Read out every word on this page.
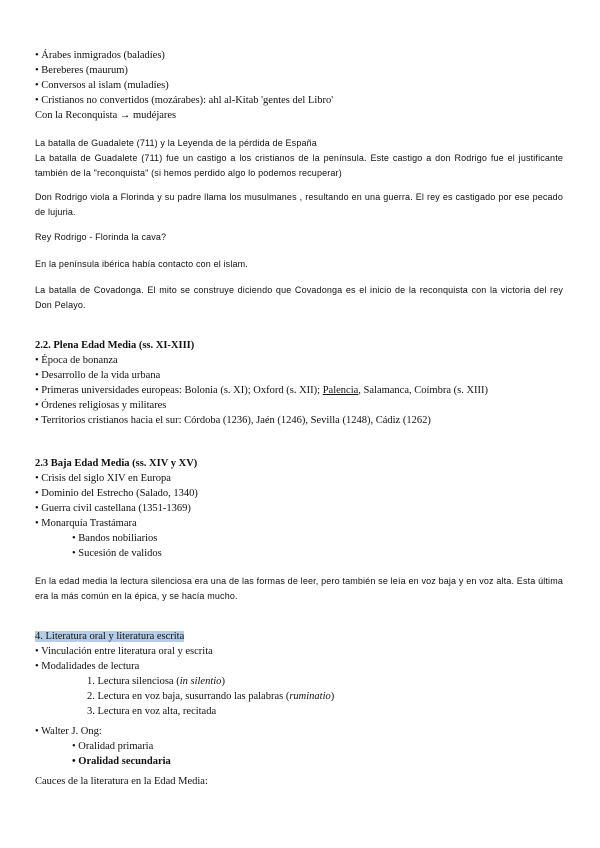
• Árabes inmigrados (baladíes)
• Bereberes (maurum)
• Conversos al islam (muladíes)
• Cristianos no convertidos (mozárabes): ahl al-Kitab 'gentes del Libro'
Con la Reconquista → mudéjares
La batalla de Guadalete (711) y la Leyenda de la pérdida de España
La batalla de Guadalete (711) fue un castigo a los cristianos de la península. Este castigo a don Rodrigo fue el justificante también de la "reconquista" (si hemos perdido algo lo podemos recuperar)
Don Rodrigo viola a Florinda y su padre llama los musulmanes , resultando en una guerra. El rey es castigado por ese pecado de lujuria.
Rey Rodrigo - Florinda la cava?
En la península ibérica había contacto con el islam.
La batalla de Covadonga. El mito se construye diciendo que Covadonga es el inicio de la reconquista con la victoria del rey Don Pelayo.
2.2. Plena Edad Media (ss. XI-XIII)
• Época de bonanza
• Desarrollo de la vida urbana
• Primeras universidades europeas: Bolonia (s. XI); Oxford (s. XII); Palencia, Salamanca, Coímbra (s. XIII)
• Órdenes religiosas y militares
• Territorios cristianos hacia el sur: Córdoba (1236), Jaén (1246), Sevilla (1248), Cádiz (1262)
2.3 Baja Edad Media (ss. XIV y XV)
• Crisis del siglo XIV en Europa
• Dominio del Estrecho (Salado, 1340)
• Guerra civil castellana (1351-1369)
• Monarquía Trastámara
• Bandos nobiliarios
• Sucesión de validos
En la edad media la lectura silenciosa era una de las formas de leer, pero también se leía en voz baja y en voz alta. Esta última era la más común en la épica, y se hacía mucho.
4. Literatura oral y literatura escrita
• Vinculación entre literatura oral y escrita
• Modalidades de lectura
1. Lectura silenciosa (in silentio)
2. Lectura en voz baja, susurrando las palabras (ruminatio)
3. Lectura en voz alta, recitada
• Walter J. Ong:
• Oralidad primaria
• Oralidad secundaria
Cauces de la literatura en la Edad Media:
